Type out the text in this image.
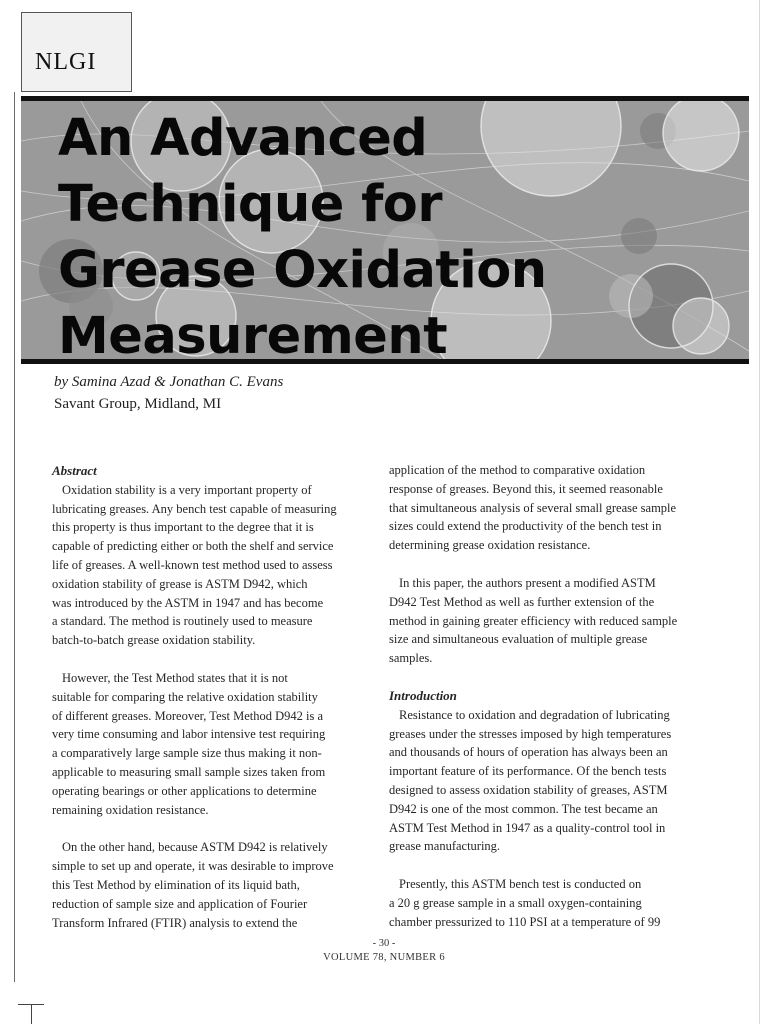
NLGI
An Advanced
Technique for
Grease Oxidation
Measurement
by Samina Azad & Jonathan C. Evans
Savant Group, Midland, MI
Abstract
Oxidation stability is a very important property of
lubricating greases. Any bench test capable of measuring
this property is thus important to the degree that it is
capable of predicting either or both the shelf and service
life of greases. A well-known test method used to assess
oxidation stability of grease is ASTM D942, which
was introduced by the ASTM in 1947 and has become
a standard. The method is routinely used to measure
batch-to-batch grease oxidation stability.
However, the Test Method states that it is not
suitable for comparing the relative oxidation stability
of different greases. Moreover, Test Method D942 is a
very time consuming and labor intensive test requiring
a comparatively large sample size thus making it non-
applicable to measuring small sample sizes taken from
operating bearings or other applications to determine
remaining oxidation resistance.
On the other hand, because ASTM D942 is relatively
simple to set up and operate, it was desirable to improve
this Test Method by elimination of its liquid bath,
reduction of sample size and application of Fourier
Transform Infrared (FTIR) analysis to extend the
application of the method to comparative oxidation
response of greases. Beyond this, it seemed reasonable
that simultaneous analysis of several small grease sample
sizes could extend the productivity of the bench test in
determining grease oxidation resistance.
In this paper, the authors present a modified ASTM
D942 Test Method as well as further extension of the
method in gaining greater efficiency with reduced sample
size and simultaneous evaluation of multiple grease
samples.
Introduction
Resistance to oxidation and degradation of lubricating
greases under the stresses imposed by high temperatures
and thousands of hours of operation has always been an
important feature of its performance. Of the bench tests
designed to assess oxidation stability of greases, ASTM
D942 is one of the most common. The test became an
ASTM Test Method in 1947 as a quality-control tool in
grease manufacturing.
Presently, this ASTM bench test is conducted on
a 20 g grease sample in a small oxygen-containing
chamber pressurized to 110 PSI at a temperature of 99
- 30 -
VOLUME 78, NUMBER 6
